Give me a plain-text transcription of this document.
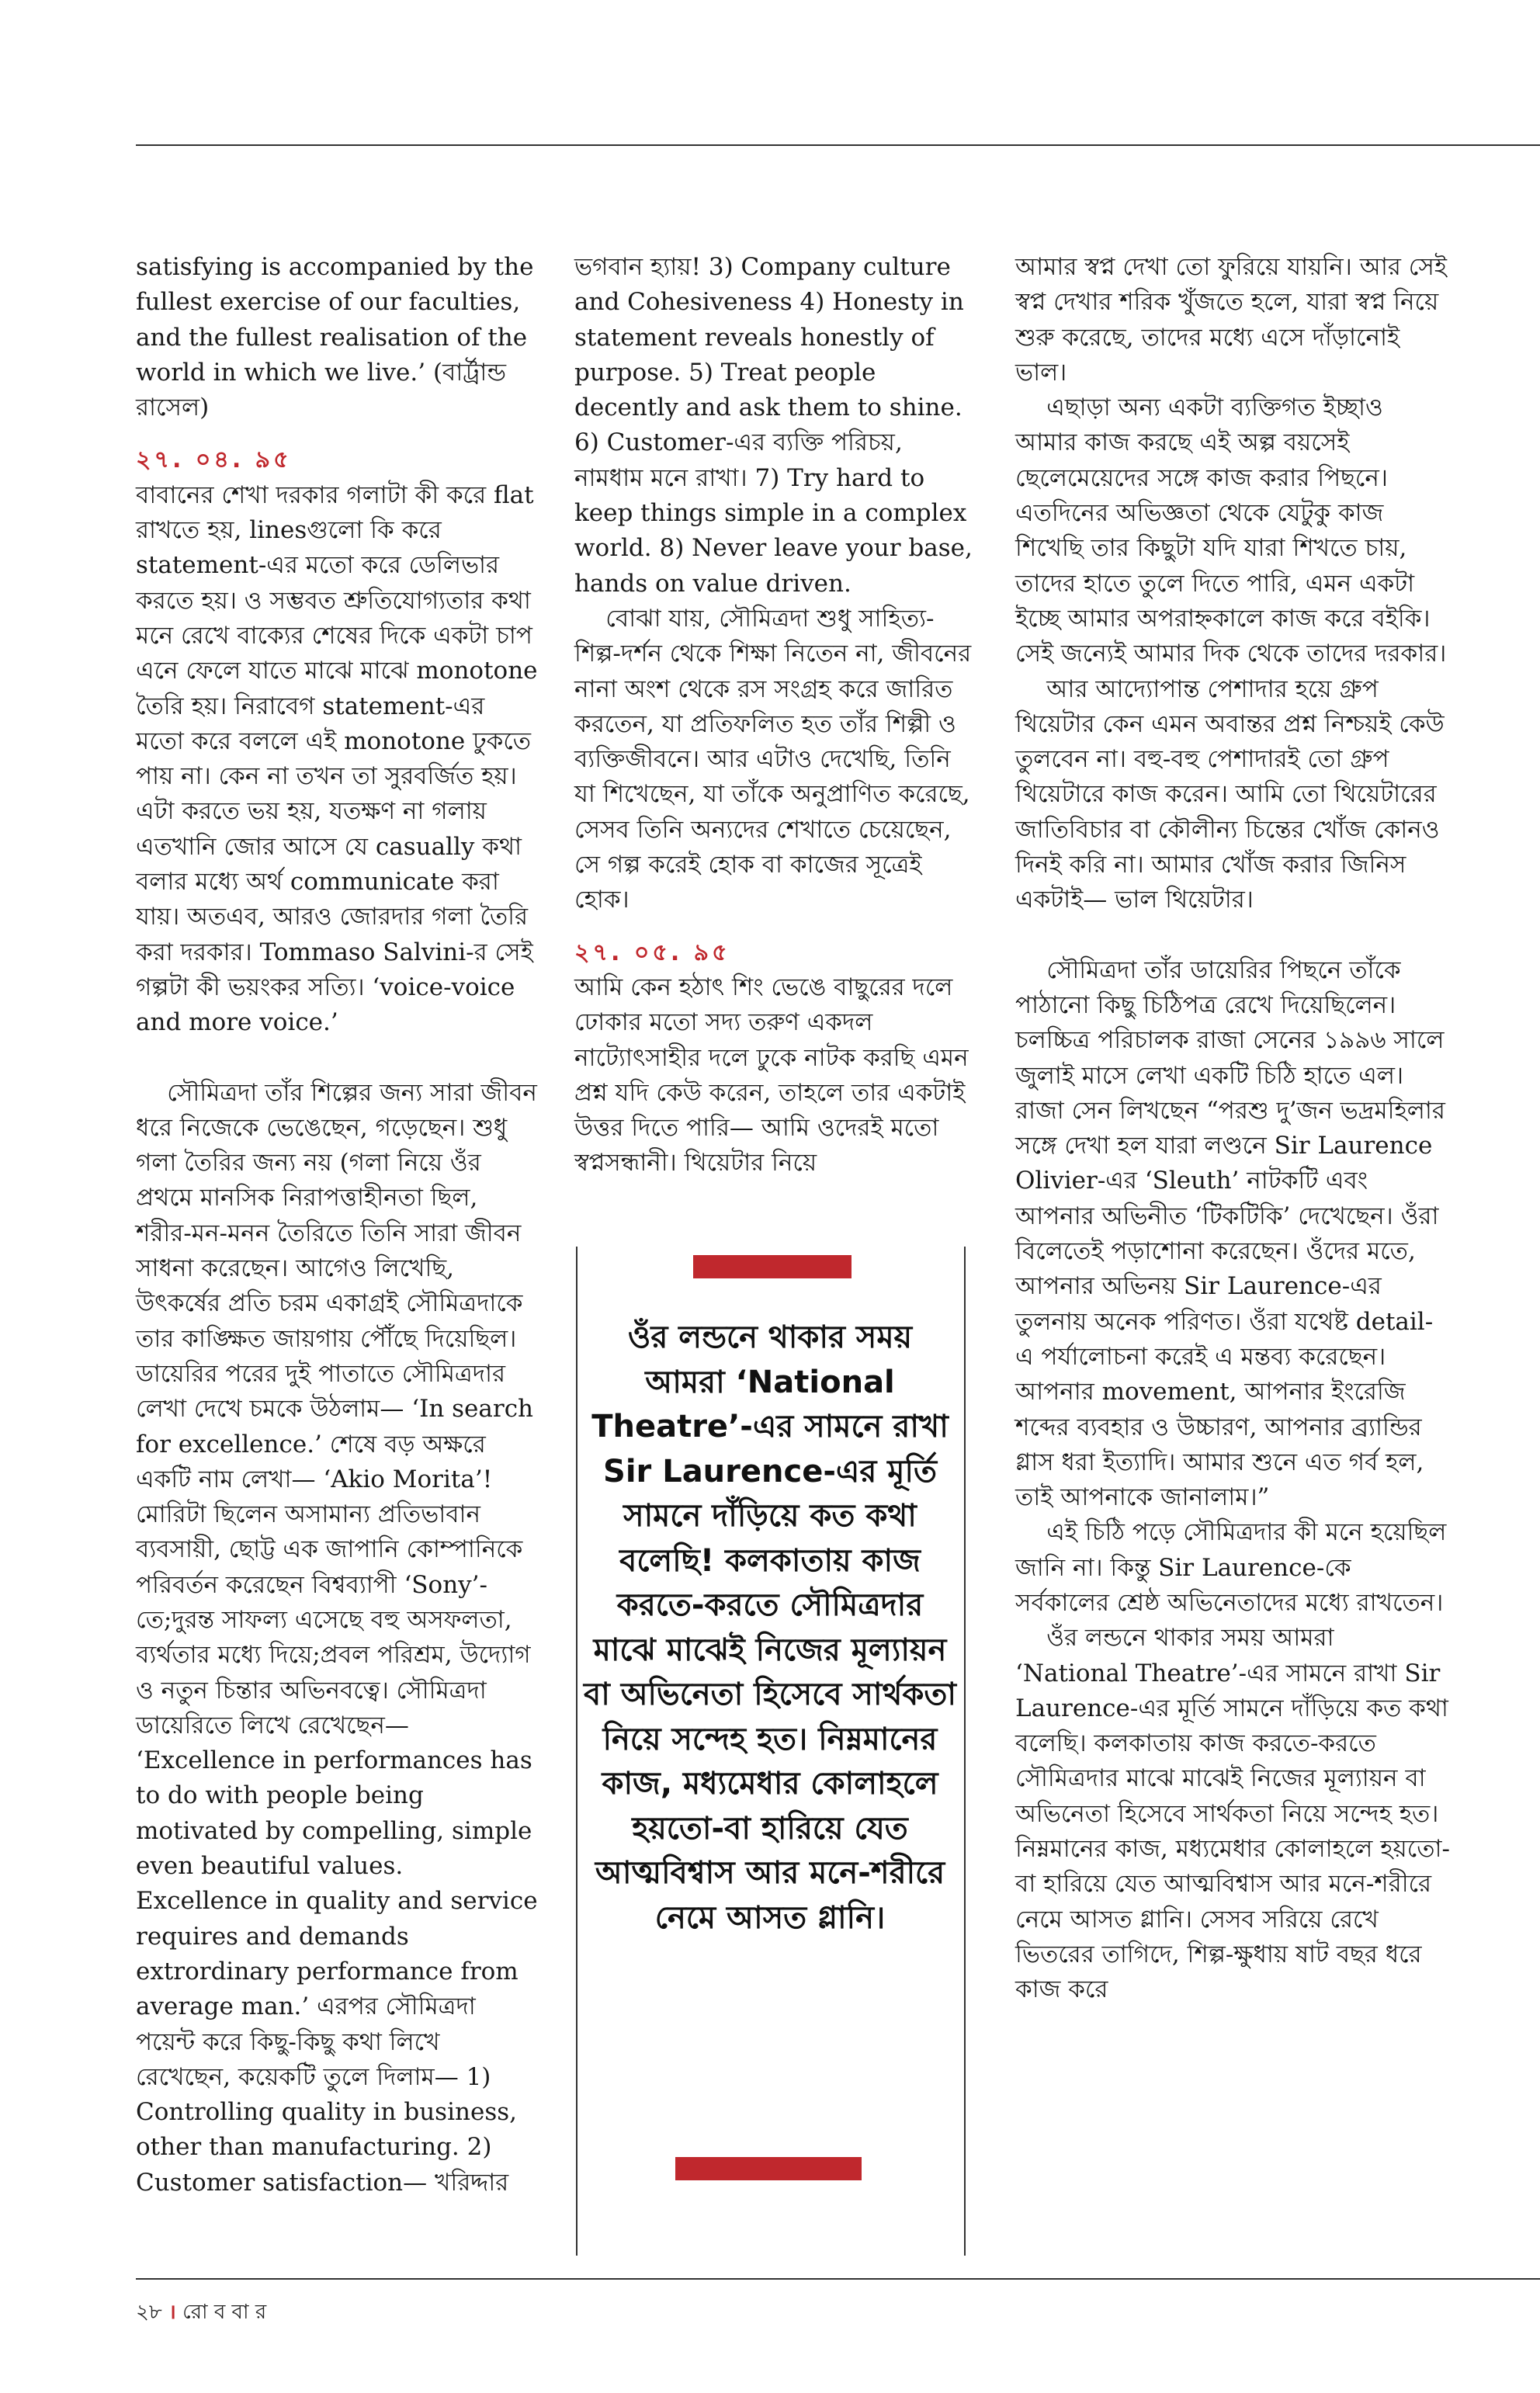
satisfying is accompanied by the fullest exercise of our faculties, and the fullest realisation of the world in which we live.’ (বার্ট্রান্ড রাসেল)

২৭. ০৪. ৯৫

বাবানের শেখা দরকার গলাটা কী করে flat রাখতে হয়, linesগুলো কি করে statement-এর মতো করে ডেলিভার করতে হয়। ও সম্ভবত শ্রুতিযোগ্যতার কথা মনে রেখে বাক্যের শেষের দিকে একটা চাপ এনে ফেলে যাতে মাঝে মাঝে monotone তৈরি হয়। নিরাবেগ statement-এর মতো করে বললে এই monotone ঢুকতে পায় না। কেন না তখন তা সুরবর্জিত হয়। এটা করতে ভয় হয়, যতক্ষণ না গলায় এতখানি জোর আসে যে casually কথা বলার মধ্যে অর্থ communicate করা যায়। অতএব, আরও জোরদার গলা তৈরি করা দরকার। Tommaso Salvini-র সেই গল্পটা কী ভয়ংকর সত্যি। ‘voice-voice and more voice.’

সৌমিত্রদা তাঁর শিল্পের জন্য সারা জীবন ধরে নিজেকে ভেঙেছেন, গড়েছেন। শুধু গলা তৈরির জন্য নয় (গলা নিয়ে ওঁর প্রথমে মানসিক নিরাপত্তাহীনতা ছিল, শরীর-মন-মনন তৈরিতে তিনি সারা জীবন সাধনা করেছেন। আগেও লিখেছি, উৎকর্ষের প্রতি চরম একাগ্রই সৌমিত্রদাকে তার কাঙ্ক্ষিত জায়গায় পৌঁছে দিয়েছিল। ডায়েরির পরের দুই পাতাতে সৌমিত্রদার লেখা দেখে চমকে উঠলাম— ‘In search for excellence.’ শেষে বড় অক্ষরে একটি নাম লেখা— ‘Akio Morita’! মোরিটা ছিলেন অসামান্য প্রতিভাবান ব্যবসায়ী, ছোট্ট এক জাপানি কোম্পানিকে পরিবর্তন করেছেন বিশ্বব্যাপী ‘Sony’-তে;দুরন্ত সাফল্য এসেছে বহু অসফলতা, ব্যর্থতার মধ্যে দিয়ে;প্রবল পরিশ্রম, উদ্যোগ ও নতুন চিন্তার অভিনবত্বে। সৌমিত্রদা ডায়েরিতে লিখে রেখেছেন— ‘Excellence in performances has to do with people being motivated by compelling, simple even beautiful values. Excellence in quality and service requires and demands extrordinary performance from average man.’ এরপর সৌমিত্রদা পয়েন্ট করে কিছু-কিছু কথা লিখে রেখেছেন, কয়েকটি তুলে দিলাম— 1) Controlling quality in business, other than manufacturing. 2) Customer satisfaction— খরিদ্দার

ভগবান হ্যায়! 3) Company culture and Cohesiveness 4) Honesty in statement reveals honestly of purpose. 5) Treat people decently and ask them to shine. 6) Customer-এর ব্যক্তি পরিচয়, নামধাম মনে রাখা। 7) Try hard to keep things simple in a complex world. 8) Never leave your base, hands on value driven.

বোঝা যায়, সৌমিত্রদা শুধু সাহিত্য-শিল্প-দর্শন থেকে শিক্ষা নিতেন না, জীবনের নানা অংশ থেকে রস সংগ্রহ করে জারিত করতেন, যা প্রতিফলিত হত তাঁর শিল্পী ও ব্যক্তিজীবনে। আর এটাও দেখেছি, তিনি যা শিখেছেন, যা তাঁকে অনুপ্রাণিত করেছে, সেসব তিনি অন্যদের শেখাতে চেয়েছেন, সে গল্প করেই হোক বা কাজের সূত্রেই হোক।

২৭. ০৫. ৯৫

আমি কেন হঠাৎ শিং ভেঙে বাছুরের দলে ঢোকার মতো সদ্য তরুণ একদল নাট্যোৎসাহীর দলে ঢুকে নাটক করছি এমন প্রশ্ন যদি কেউ করেন, তাহলে তার একটাই উত্তর দিতে পারি— আমি ওদেরই মতো স্বপ্নসন্ধানী। থিয়েটার নিয়ে

ওঁর লন্ডনে থাকার সময় আমরা ‘National Theatre’-এর সামনে রাখা Sir Laurence-এর মূর্তি সামনে দাঁড়িয়ে কত কথা বলেছি! কলকাতায় কাজ করতে-করতে সৌমিত্রদার মাঝে মাঝেই নিজের মূল্যায়ন বা অভিনেতা হিসেবে সার্থকতা নিয়ে সন্দেহ হত। নিম্নমানের কাজ, মধ্যমেধার কোলাহলে হয়তো-বা হারিয়ে যেত আত্মবিশ্বাস আর মনে-শরীরে নেমে আসত গ্লানি।

আমার স্বপ্ন দেখা তো ফুরিয়ে যায়নি। আর সেই স্বপ্ন দেখার শরিক খুঁজতে হলে, যারা স্বপ্ন নিয়ে শুরু করেছে, তাদের মধ্যে এসে দাঁড়ানোই ভাল।

এছাড়া অন্য একটা ব্যক্তিগত ইচ্ছাও আমার কাজ করছে এই অল্প বয়সেই ছেলেমেয়েদের সঙ্গে কাজ করার পিছনে। এতদিনের অভিজ্ঞতা থেকে যেটুকু কাজ শিখেছি তার কিছুটা যদি যারা শিখতে চায়, তাদের হাতে তুলে দিতে পারি, এমন একটা ইচ্ছে আমার অপরাহ্নকালে কাজ করে বইকি। সেই জন্যেই আমার দিক থেকে তাদের দরকার।

আর আদ্যোপান্ত পেশাদার হয়ে গ্রুপ থিয়েটার কেন এমন অবান্তর প্রশ্ন নিশ্চয়ই কেউ তুলবেন না। বহু-বহু পেশাদারই তো গ্রুপ থিয়েটারে কাজ করেন। আমি তো থিয়েটারের জাতিবিচার বা কৌলীন্য চিন্তের খোঁজ কোনও দিনই করি না। আমার খোঁজ করার জিনিস একটাই— ভাল থিয়েটার।

সৌমিত্রদা তাঁর ডায়েরির পিছনে তাঁকে পাঠানো কিছু চিঠিপত্র রেখে দিয়েছিলেন। চলচ্চিত্র পরিচালক রাজা সেনের ১৯৯৬ সালে জুলাই মাসে লেখা একটি চিঠি হাতে এল। রাজা সেন লিখছেন “পরশু দু’জন ভদ্রমহিলার সঙ্গে দেখা হল যারা লণ্ডনে Sir Laurence Olivier-এর ‘Sleuth’ নাটকটি এবং আপনার অভিনীত ‘টিকটিকি’ দেখেছেন। ওঁরা বিলেতেই পড়াশোনা করেছেন। ওঁদের মতে, আপনার অভিনয় Sir Laurence-এর তুলনায় অনেক পরিণত। ওঁরা যথেষ্ট detail-এ পর্যালোচনা করেই এ মন্তব্য করেছেন। আপনার movement, আপনার ইংরেজি শব্দের ব্যবহার ও উচ্চারণ, আপনার ব্র্যান্ডির গ্লাস ধরা ইত্যাদি। আমার শুনে এত গর্ব হল, তাই আপনাকে জানালাম।”

এই চিঠি পড়ে সৌমিত্রদার কী মনে হয়েছিল জানি না। কিন্তু Sir Laurence-কে সর্বকালের শ্রেষ্ঠ অভিনেতাদের মধ্যে রাখতেন।

ওঁর লন্ডনে থাকার সময় আমরা ‘National Theatre’-এর সামনে রাখা Sir Laurence-এর মূর্তি সামনে দাঁড়িয়ে কত কথা বলেছি। কলকাতায় কাজ করতে-করতে সৌমিত্রদার মাঝে মাঝেই নিজের মূল্যায়ন বা অভিনেতা হিসেবে সার্থকতা নিয়ে সন্দেহ হত। নিম্নমানের কাজ, মধ্যমেধার কোলাহলে হয়তো-বা হারিয়ে যেত আত্মবিশ্বাস আর মনে-শরীরে নেমে আসত গ্লানি। সেসব সরিয়ে রেখে ভিতরের তাগিদে, শিল্প-ক্ষুধায় ষাট বছর ধরে কাজ করে

২৮ । রো ব বা র
